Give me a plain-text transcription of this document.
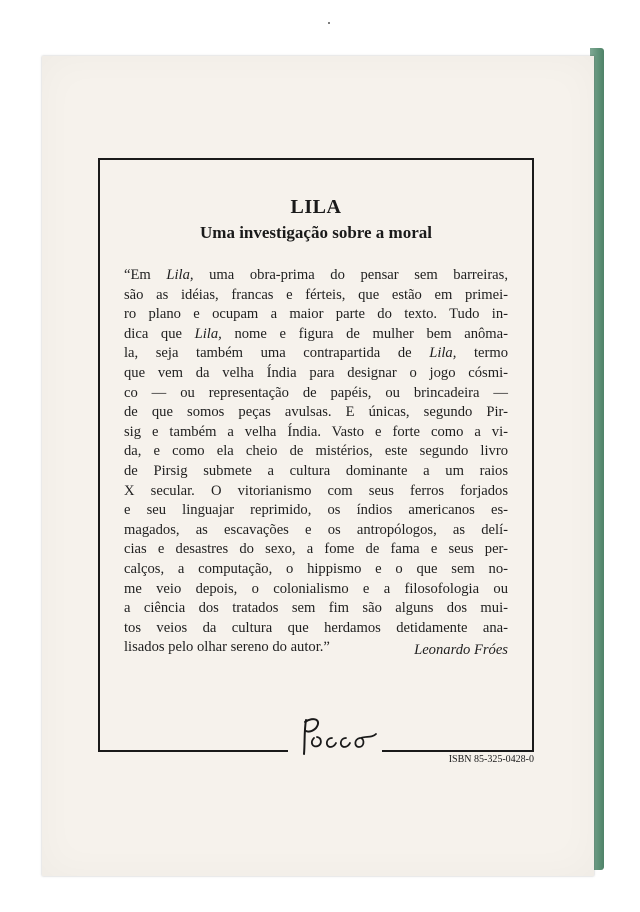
LILA
Uma investigação sobre a moral
“Em Lila, uma obra-prima do pensar sem barreiras,
são as idéias, francas e férteis, que estão em primei-
ro plano e ocupam a maior parte do texto. Tudo in-
dica que Lila, nome e figura de mulher bem anôma-
la, seja também uma contrapartida de Lila, termo
que vem da velha Índia para designar o jogo cósmi-
co — ou representação de papéis, ou brincadeira —
de que somos peças avulsas. E únicas, segundo Pir-
sig e também a velha Índia. Vasto e forte como a vi-
da, e como ela cheio de mistérios, este segundo livro
de Pirsig submete a cultura dominante a um raios
X secular. O vitorianismo com seus ferros forjados
e seu linguajar reprimido, os índios americanos es-
magados, as escavações e os antropólogos, as delí-
cias e desastres do sexo, a fome de fama e seus per-
calços, a computação, o hippismo e o que sem no-
me veio depois, o colonialismo e a filosofologia ou
a ciência dos tratados sem fim são alguns dos mui-
tos veios da cultura que herdamos detidamente ana-
lisados pelo olhar sereno do autor.”	Leonardo Fróes
ISBN 85-325-0428-0
